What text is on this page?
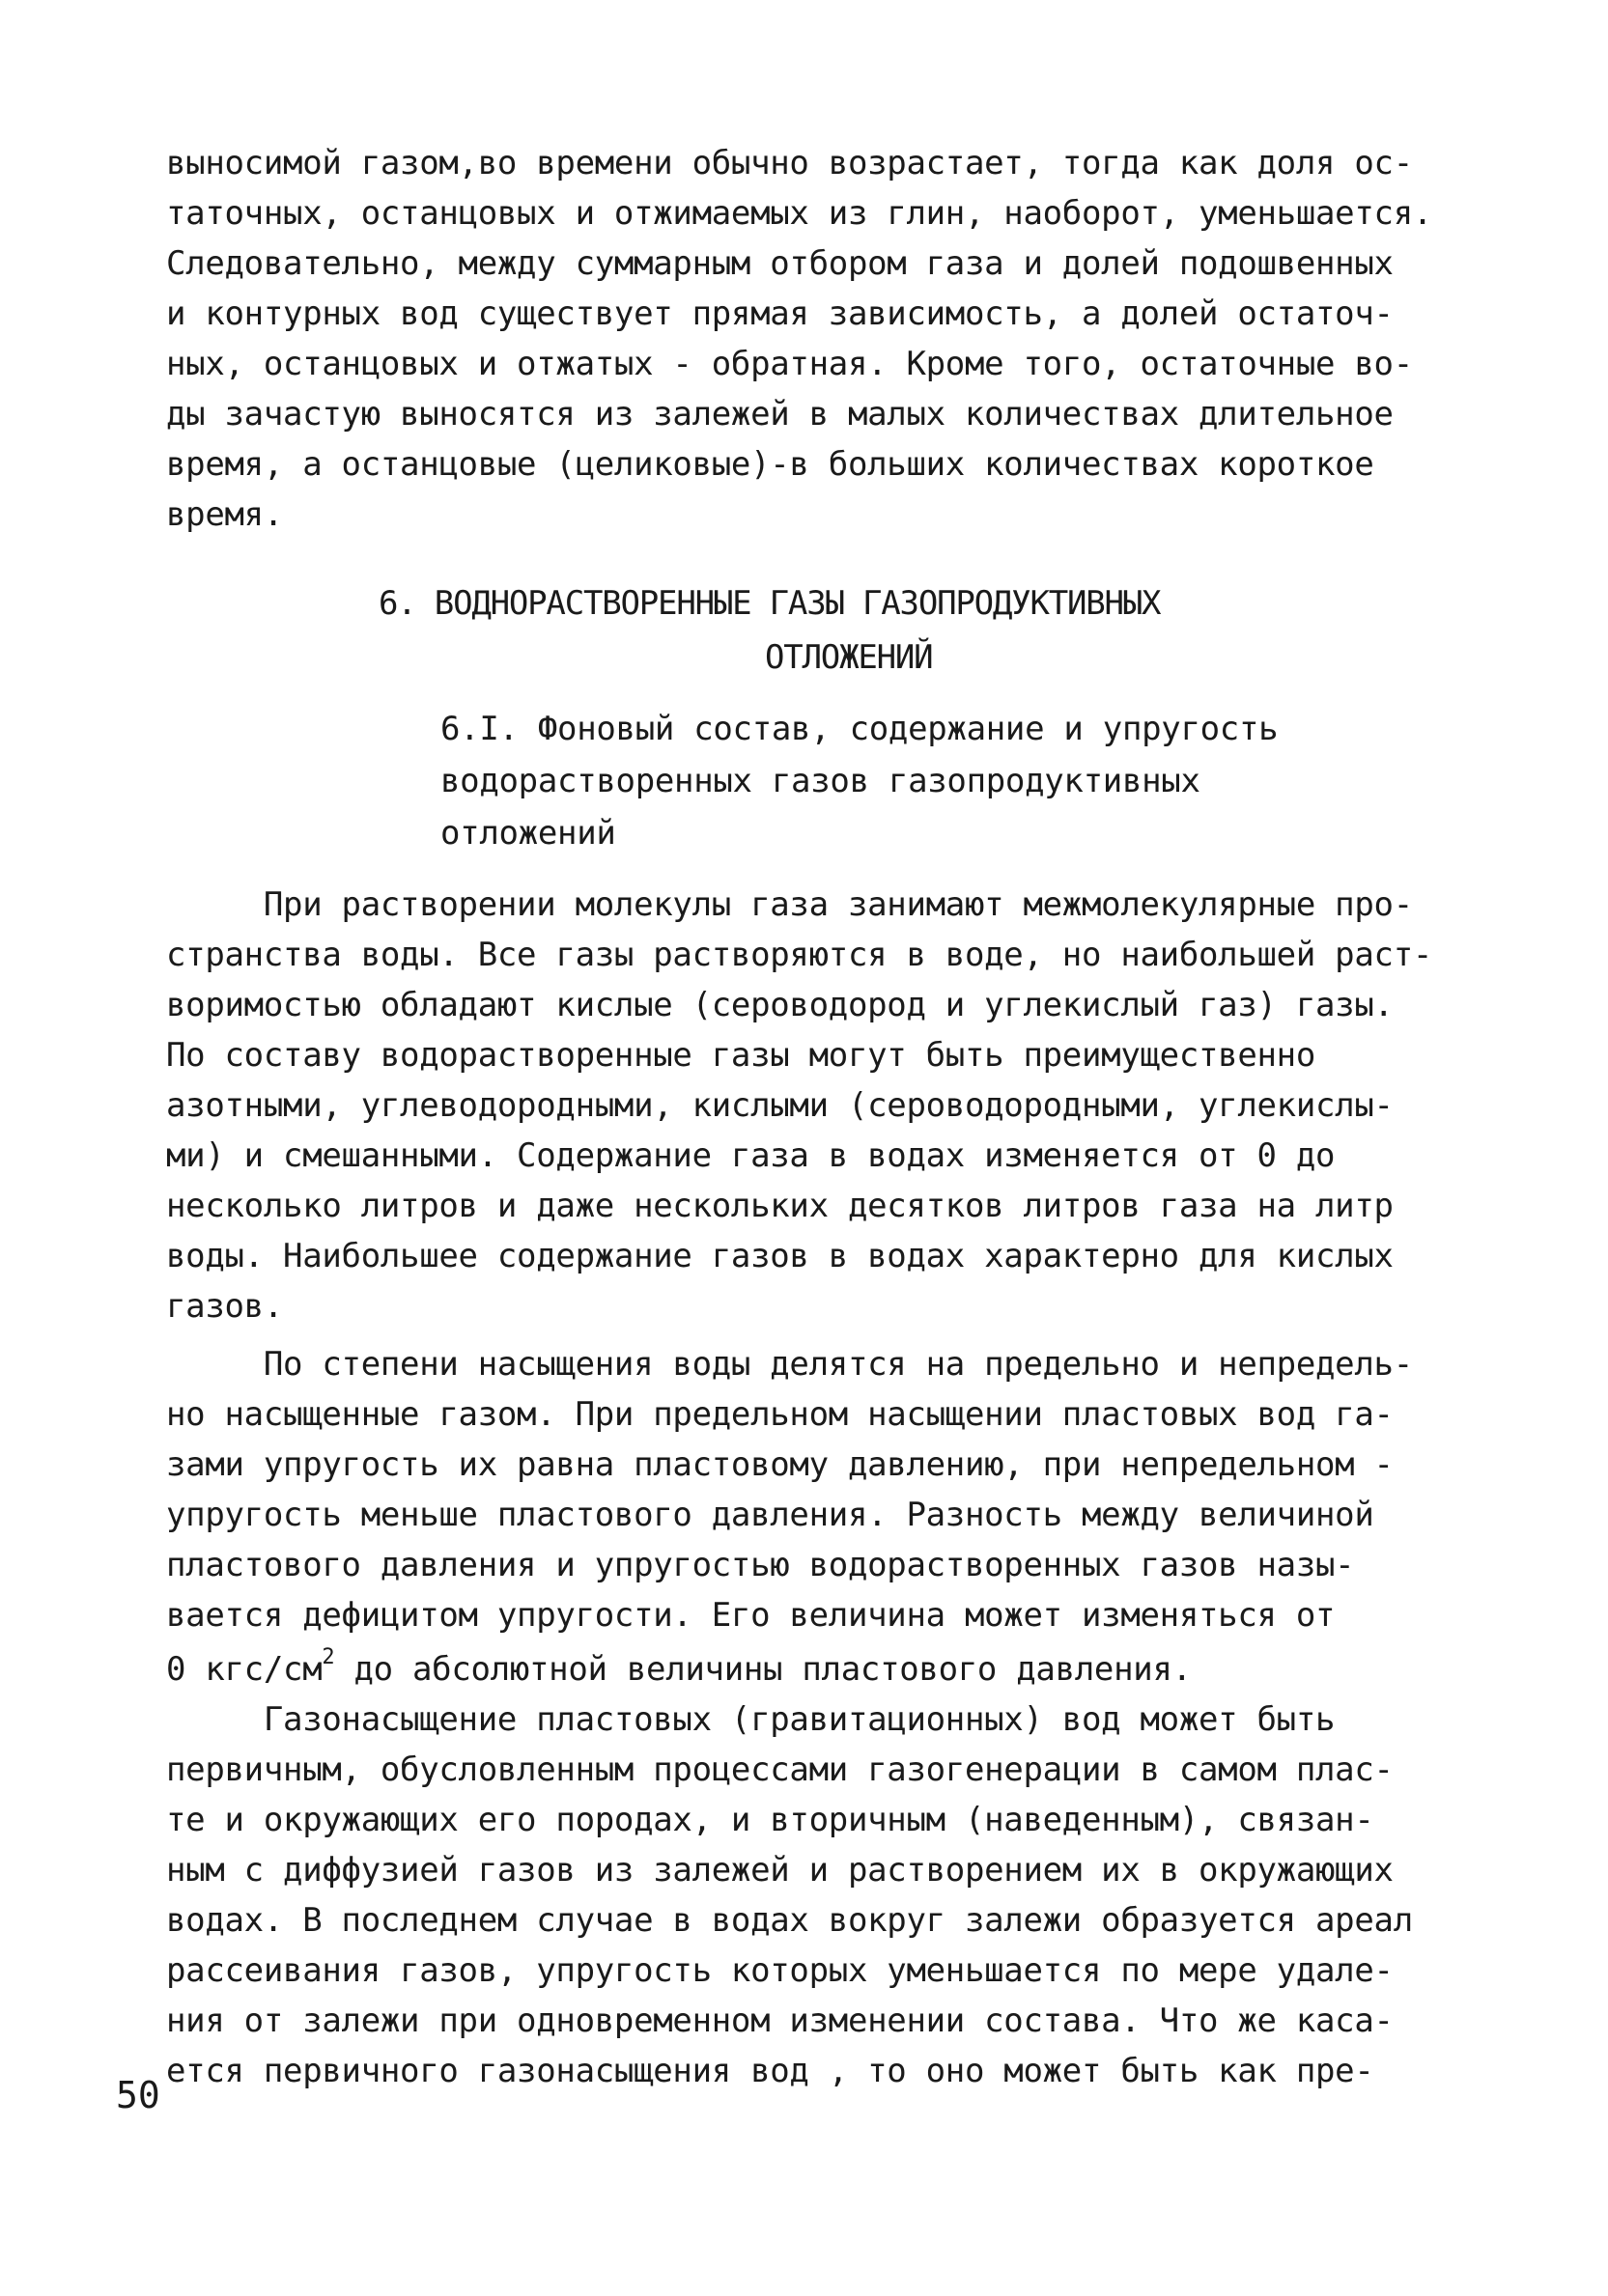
выносимой газом,во времени обычно возрастает, тогда как доля ос-
таточных, останцовых и отжимаемых из глин, наоборот, уменьшается.
Следовательно, между суммарным отбором газа и долей подошвенных
и контурных вод существует прямая зависимость, а долей остаточ-
ных, останцовых и отжатых - обратная. Кроме того, остаточные во-
ды зачастую выносятся из залежей в малых количествах длительное
время, а останцовые (целиковые)-в больших количествах короткое
время.
6. ВОДНОРАСТВОРЕННЫЕ ГАЗЫ ГАЗОПРОДУКТИВНЫХ
ОТЛОЖЕНИЙ
6.I. Фоновый состав, содержание и упругость
водорастворенных газов газопродуктивных
отложений
При растворении молекулы газа занимают межмолекулярные про-
странства воды. Все газы растворяются в воде, но наибольшей раст-
воримостью обладают кислые (сероводород и углекислый газ) газы.
По составу водорастворенные газы могут быть преимущественно
азотными, углеводородными, кислыми (сероводородными, углекислы-
ми) и смешанными. Содержание газа в водах изменяется от 0 до
несколько литров и даже нескольких десятков литров газа на литр
воды. Наибольшее содержание газов в водах характерно для кислых
газов.
По степени насыщения воды делятся на предельно и непредель-
но насыщенные газом. При предельном насыщении пластовых вод га-
зами упругость их равна пластовому давлению, при непредельном -
упругость меньше пластового давления. Разность между величиной
пластового давления и упругостью водорастворенных газов назы-
вается дефицитом упругости. Его величина может изменяться от
0 кгс/$см^2$ до абсолютной величины пластового давления.
Газонасыщение пластовых (гравитационных) вод может быть
первичным, обусловленным процессами газогенерации в самом плас-
те и окружающих его породах, и вторичным (наведенным), связан-
ным с диффузией газов из залежей и растворением их в окружающих
водах. В последнем случае в водах вокруг залежи образуется ареал
рассеивания газов, упругость которых уменьшается по мере удале-
ния от залежи при одновременном изменении состава. Что же каса-
ется первичного газонасыщения вод , то оно может быть как пре-
50
